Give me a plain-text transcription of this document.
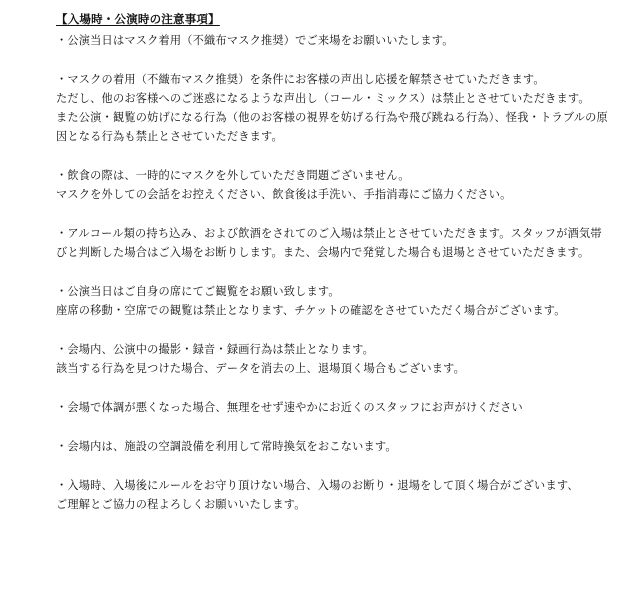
【入場時・公演時の注意事項】
・公演当日はマスク着用（不織布マスク推奨）でご来場をお願いいたします。
・マスクの着用（不織布マスク推奨）を条件にお客様の声出し応援を解禁させていただきます。
ただし、他のお客様へのご迷惑になるような声出し（コール・ミックス）は禁止とさせていただきます。
また公演・観覧の妨げになる行為（他のお客様の視界を妨げる行為や飛び跳ねる行為）、怪我・トラブルの原
因となる行為も禁止とさせていただきます。
・飲食の際は、一時的にマスクを外していただき問題ございません。
マスクを外しての会話をお控えください、飲食後は手洗い、手指消毒にご協力ください。
・アルコール類の持ち込み、および飲酒をされてのご入場は禁止とさせていただきます。スタッフが酒気帯
びと判断した場合はご入場をお断りします。また、会場内で発覚した場合も退場とさせていただきます。
・公演当日はご自身の席にてご観覧をお願い致します。
座席の移動・空席での観覧は禁止となります、チケットの確認をさせていただく場合がございます。
・会場内、公演中の撮影・録音・録画行為は禁止となります。
該当する行為を見つけた場合、データを消去の上、退場頂く場合もございます。
・会場で体調が悪くなった場合、無理をせず速やかにお近くのスタッフにお声がけください
・会場内は、施設の空調設備を利用して常時換気をおこないます。
・入場時、入場後にルールをお守り頂けない場合、入場のお断り・退場をして頂く場合がございます、
ご理解とご協力の程よろしくお願いいたします。
